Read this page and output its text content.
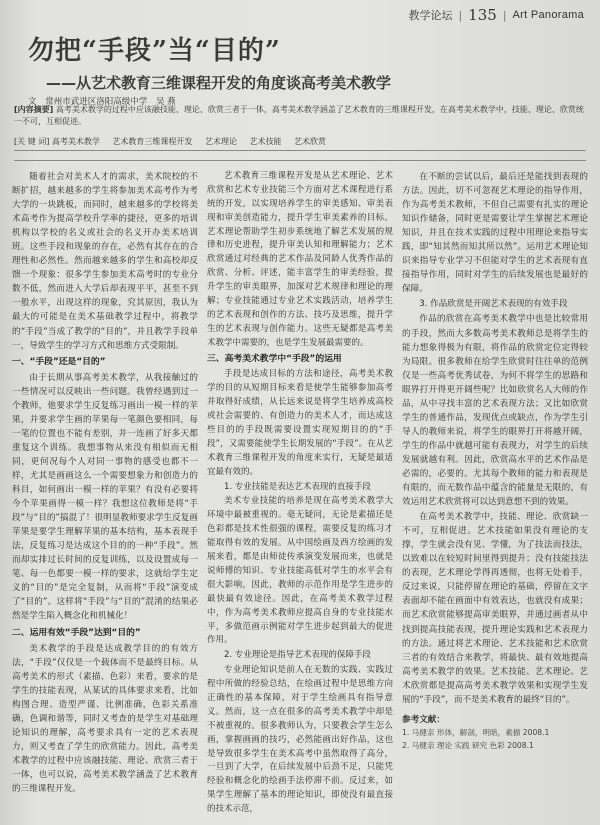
教学论坛 | 135 | Art Panorama
勿把“手段”当“目的”
——从艺术教育三维课程开发的角度谈高考美术教学
文 常州市武进区洛阳高级中学 吴 燕
[内容摘要] 高考美术教学的过程中应该融技能、理论、欣赏三者于一体，高考美术教学涵盖了艺术教育的三维课程开发，在高考美术教学中，技能、理论、欣赏统一不可，互相促进。
[关 键 词] 高考美术教学 艺术教育三维课程开发 艺术理论 艺术技能 艺术欣赏

随着社会对美术人才的需求，美术院校的不断扩招，越来越多的学生将参加美术高考作为考大学的一块跳板，而同时，越来越多的学校将美术高考作为提高学校升学率的捷径，更多的培训机构以学校的名义或社会的名义开办美术培训班。这些手段和现象的存在，必然有其存在的合理性和必然性。然而越来越多的学生和高校却反馈一个现象：很多学生参加美术高考时的专业分数不低，然而进入大学后却表现平平，甚至不到一般水平，出现这样的现象，究其原因，我认为最大的可能是在美术基础教学过程中，将教学的“手段”当成了教学的“目的”，并且教学手段单一，导致学生的学习方式和思维方式受限制。

一、“手段”还是“目的”

由于长期从事高考美术教学，从我接触过的一些情况可以反映出一些问题。我曾经遇到过一个教师，他要求学生反复练习画出一模一样的苹果，并要求学生画的苹果每一笔颜色要相同，每一笔的位置也不能有差别，并一连画了好多天都重复这个训练。我想事物从来没有相似而无相同，更何况每个人对同一事物的感受也都不一样，尤其是画画这么一个需要想象力和创造力的科目，如何画出一模一样的苹果？有没有必要将今个苹果画得一模一样？我想这位教师是将“手段”与“目的”搞混了！很明显教师要求学生反复画苹果是要学生理解苹果的基本结构，基本表现手法，反复练习是达成这个目的的一种“手段”。然而却实排过长时间的反复训练，以及设置成每一笔、每一色都要一模一样的要求，这就给学生定义的“目的”是完全复制，从而将“手段”演变成了“目的”。这样将“手段”与“目的”混淆的结果必然是学生陷入概念化和机械化！

二、运用有效“手段”达到“目的”

美术教学的手段是达成教学目的的有效方法，“手段”仅仅是一个载体而不是最终目标。从高考美术的形式（素描、色彩）来看，要求的是学生的技能表现，从某试的具体要求来看，比如构图合理、造型严谨、比例准确，色彩关系准确，色调和谐等，同时又考查的是学生对基础理论知识的理解，高考要求具有一定的艺术表现力，则又考查了学生的欣赏能力。因此，高考美术教学的过程中应该融技能、理论、欣赏三者于一体，也可以说，高考美术教学涵盖了艺术教育的三维课程开发。

艺术教育三维课程开发是从艺术理论、艺术欣赏和艺术专业技能三个方面对艺术课程进行系统的开发，以实现培养学生的审美感知、审美表现和审美创造能力，提升学生审美素养的目标。艺术理论帮助学生初步系统地了解艺术发展的规律和历史进程，提升审美认知和理解能力；艺术欣赏通过对经典的艺术作品及同龄人优秀作品的欣赏、分析、评述，能丰富学生的审美经验，提升学生的审美眼界，加深对艺术规律和理论的理解；专业技能通过专业艺术实践活动，培养学生的艺术表现和创作的方法、技巧及思维，提升学生的艺术表现与创作能力。这些无疑都是高考美术教学中需要的，也是学生发展最需要的。

三、高考美术教学中“手段”的运用

手段是达成目标的方法和途径，高考美术教学的目的从短期目标来看是使学生能够参加高考并取得好成绩，从长远来说是将学生培养成高校或社会需要的、有创造力的美术人才，而达成这些目的的手段既需要设置实现短期目的的“手段”，又需要能使学生长期发展的“手段”。在从艺术教育三维课程开发的角度来实行，无疑是最适宜最有效的。

1. 专业技能是表达艺术表现的直接手段

美术专业技能的培养是现在高考美术教学大环境中最被重视的。毫无疑问，无论是素描还是色彩都是技术性很强的课程，需要反复的练习才能取得有效的发展。从中国绘画及西方绘画的发展来看，都是由师徒传承演变发展而来，也就是说师傅的知识、专业技能高低对学生的水平会有很大影响，因此，教师的示范作用是学生进步的最快最有效途径。因此，在高考美术教学过程中，作为高考美术教师应提高自身的专业技能水平，多做范画示例能对学生进步起到最大的促进作用。

2. 专业理论是指导艺术表现的保障手段

专业理论知识是前人在无数的实践、实践过程中所做的经验总结，在绘画过程中是思维方向正确性的基本保障，对于学生绘画具有指导意义。然而，这一点在很多的高考美术教学中却是不被重视的。很多教师认为，只要教会学生怎么画，掌握画画的技巧，必然能画出好作品，这也是导致很多学生在美术高考中虽然取得了高分，一旦到了大学，在后续发展中后劲不足，只能凭经验和概念化的绘画手法停滞不前。反过来，如果学生理解了基本的理论知识，即使没有最直接的技术示范，

在不断的尝试以后，最后还是能找到表现的方法。因此，切不可忽视艺术理论的指导作用，作为高考美术教师，不但自己需要有扎实的理论知识作储备，同时更是需要让学生掌握艺术理论知识，并且在技术实践的过程中用理论来指导实践，即“知其然而知其所以然”。运用艺术理论知识来指导专业学习不但能对学生的艺术表现有直接指导作用，同时对学生的后续发展也是最好的保障。

3. 作品欣赏是开阔艺术表现的有效手段

作品的欣赏在高考美术教学中也是比较常用的手段，然而大多数高考美术教师总是将学生的能力想象得极为有限，将作品的欣赏定位定得较为局限。很多教师在给学生欣赏时往往单的范例仅是一些高考优秀试卷，为何不将学生的思路和眼界打开得更开阔些呢？比如欣赏名人大师的作品，从中寻找丰富的艺术表现方法；又比如欣赏学生的普通作品，发现优点或缺点，作为学生引导人的教师来说，将学生的眼界打开将越开阔，学生的作品中就越可能有表现力，对学生的后续发展就越有利。因此，欣赏高水平的艺术作品是必需的，必要的。尤其每个教师的能力和表现是有限的，而无数作品中蕴含的能量是无限的，有效运用艺术欣赏将可以达到意想不到的效果。

在高考美术教学中，技能、理论、欣赏缺一不可，互相促进。艺术技能如果没有理论的支撑，学生就会没有见、学懂，为了技法而技法，以致难以在较短时间里得到提升；没有技能技法的表现，艺术理论学得再透彻，也将无处着手，反过来说，只能停留在理论的基础，停留在文字表面却不能在画面中有效表达，也就没有成果；而艺术欣赏能够提高审美眼界，并通过画者从中找到提高技能表现，提升理论实践和艺术表现力的方法。通过将艺术理论、艺术技能和艺术欣赏三者的有效结合来教学，将最快、最有效地提高高考美术教学的效果。艺术技能、艺术理论、艺术欣赏都是提高高考美术教学效果和实现学生发展的“手段”，而不是美术教育的最终“目的”。

参考文献：

1. 马健亲 形体，解剖，明暗，素描 2008.1

2. 马健亲 理论 实践 研究 色彩 2008.1
